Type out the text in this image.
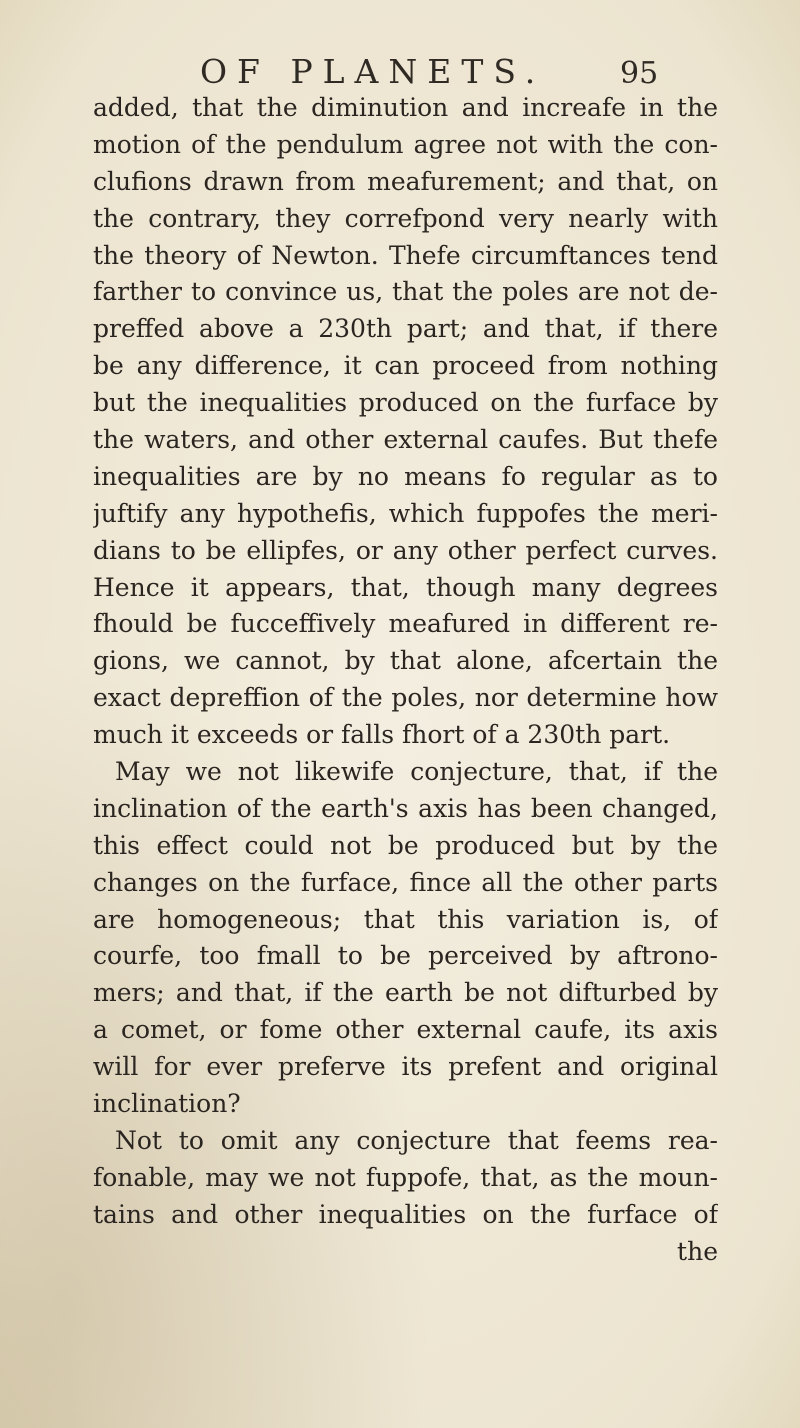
OF PLANETS. 95
added, that the diminution and increafe in the
motion of the pendulum agree not with the con-
clufions drawn from meafurement; and that, on
the contrary, they correfpond very nearly with
the theory of Newton. Thefe circumftances tend
farther to convince us, that the poles are not de-
preffed above a 230th part; and that, if there
be any difference, it can proceed from nothing
but the inequalities produced on the furface by
the waters, and other external caufes. But thefe
inequalities are by no means fo regular as to
juftify any hypothefis, which fuppofes the meri-
dians to be ellipfes, or any other perfect curves.
Hence it appears, that, though many degrees
fhould be fucceffively meafured in different re-
gions, we cannot, by that alone, afcertain the
exact depreffion of the poles, nor determine how
much it exceeds or falls fhort of a 230th part.
May we not likewife conjecture, that, if the
inclination of the earth's axis has been changed,
this effect could not be produced but by the
changes on the furface, fince all the other parts
are homogeneous; that this variation is, of
courfe, too fmall to be perceived by aftrono-
mers; and that, if the earth be not difturbed by
a comet, or fome other external caufe, its axis
will for ever preferve its prefent and original
inclination?
Not to omit any conjecture that feems rea-
fonable, may we not fuppofe, that, as the moun-
tains and other inequalities on the furface of
the
